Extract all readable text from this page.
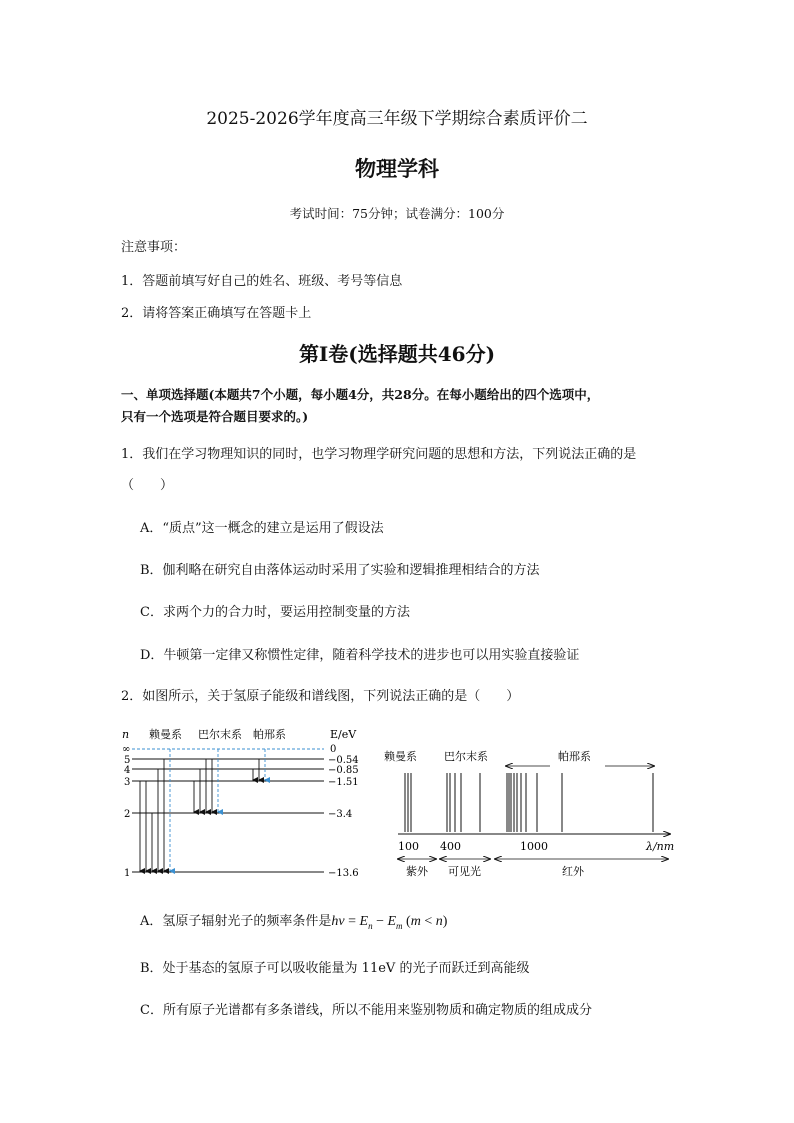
2025-2026学年度高三年级下学期综合素质评价二
物理学科
考试时间：75分钟；试卷满分：100分
注意事项：
1．答题前填写好自己的姓名、班级、考号等信息
2．请将答案正确填写在答题卡上
第I卷(选择题共46分)
一、单项选择题(本题共7个小题，每小题4分，共28分。在每小题给出的四个选项中，
只有一个选项是符合题目要求的。)
1．我们在学习物理知识的同时，也学习物理学研究问题的思想和方法，下列说法正确的是
（　　）
A．“质点”这一概念的建立是运用了假设法
B．伽利略在研究自由落体运动时采用了实验和逻辑推理相结合的方法
C．求两个力的合力时，要运用控制变量的方法
D．牛顿第一定律又称惯性定律，随着科学技术的进步也可以用实验直接验证
2．如图所示，关于氢原子能级和谱线图，下列说法正确的是（　　）
n 赖曼系 巴尔末系 帕邢系	E/eV
∞
5
4
3
2
1
0
−0.54
−0.85
−1.51
−3.4
−13.6
赖曼系 巴尔末系	帕邢系
100 400	1000	λ/nm
紫外 可见光	红外
A．氢原子辐射光子的频率条件是$h\nu = E_n - E_m$ (m < n)
B．处于基态的氢原子可以吸收能量为 11eV 的光子而跃迁到高能级
C．所有原子光谱都有多条谱线，所以不能用来鉴别物质和确定物质的组成成分
